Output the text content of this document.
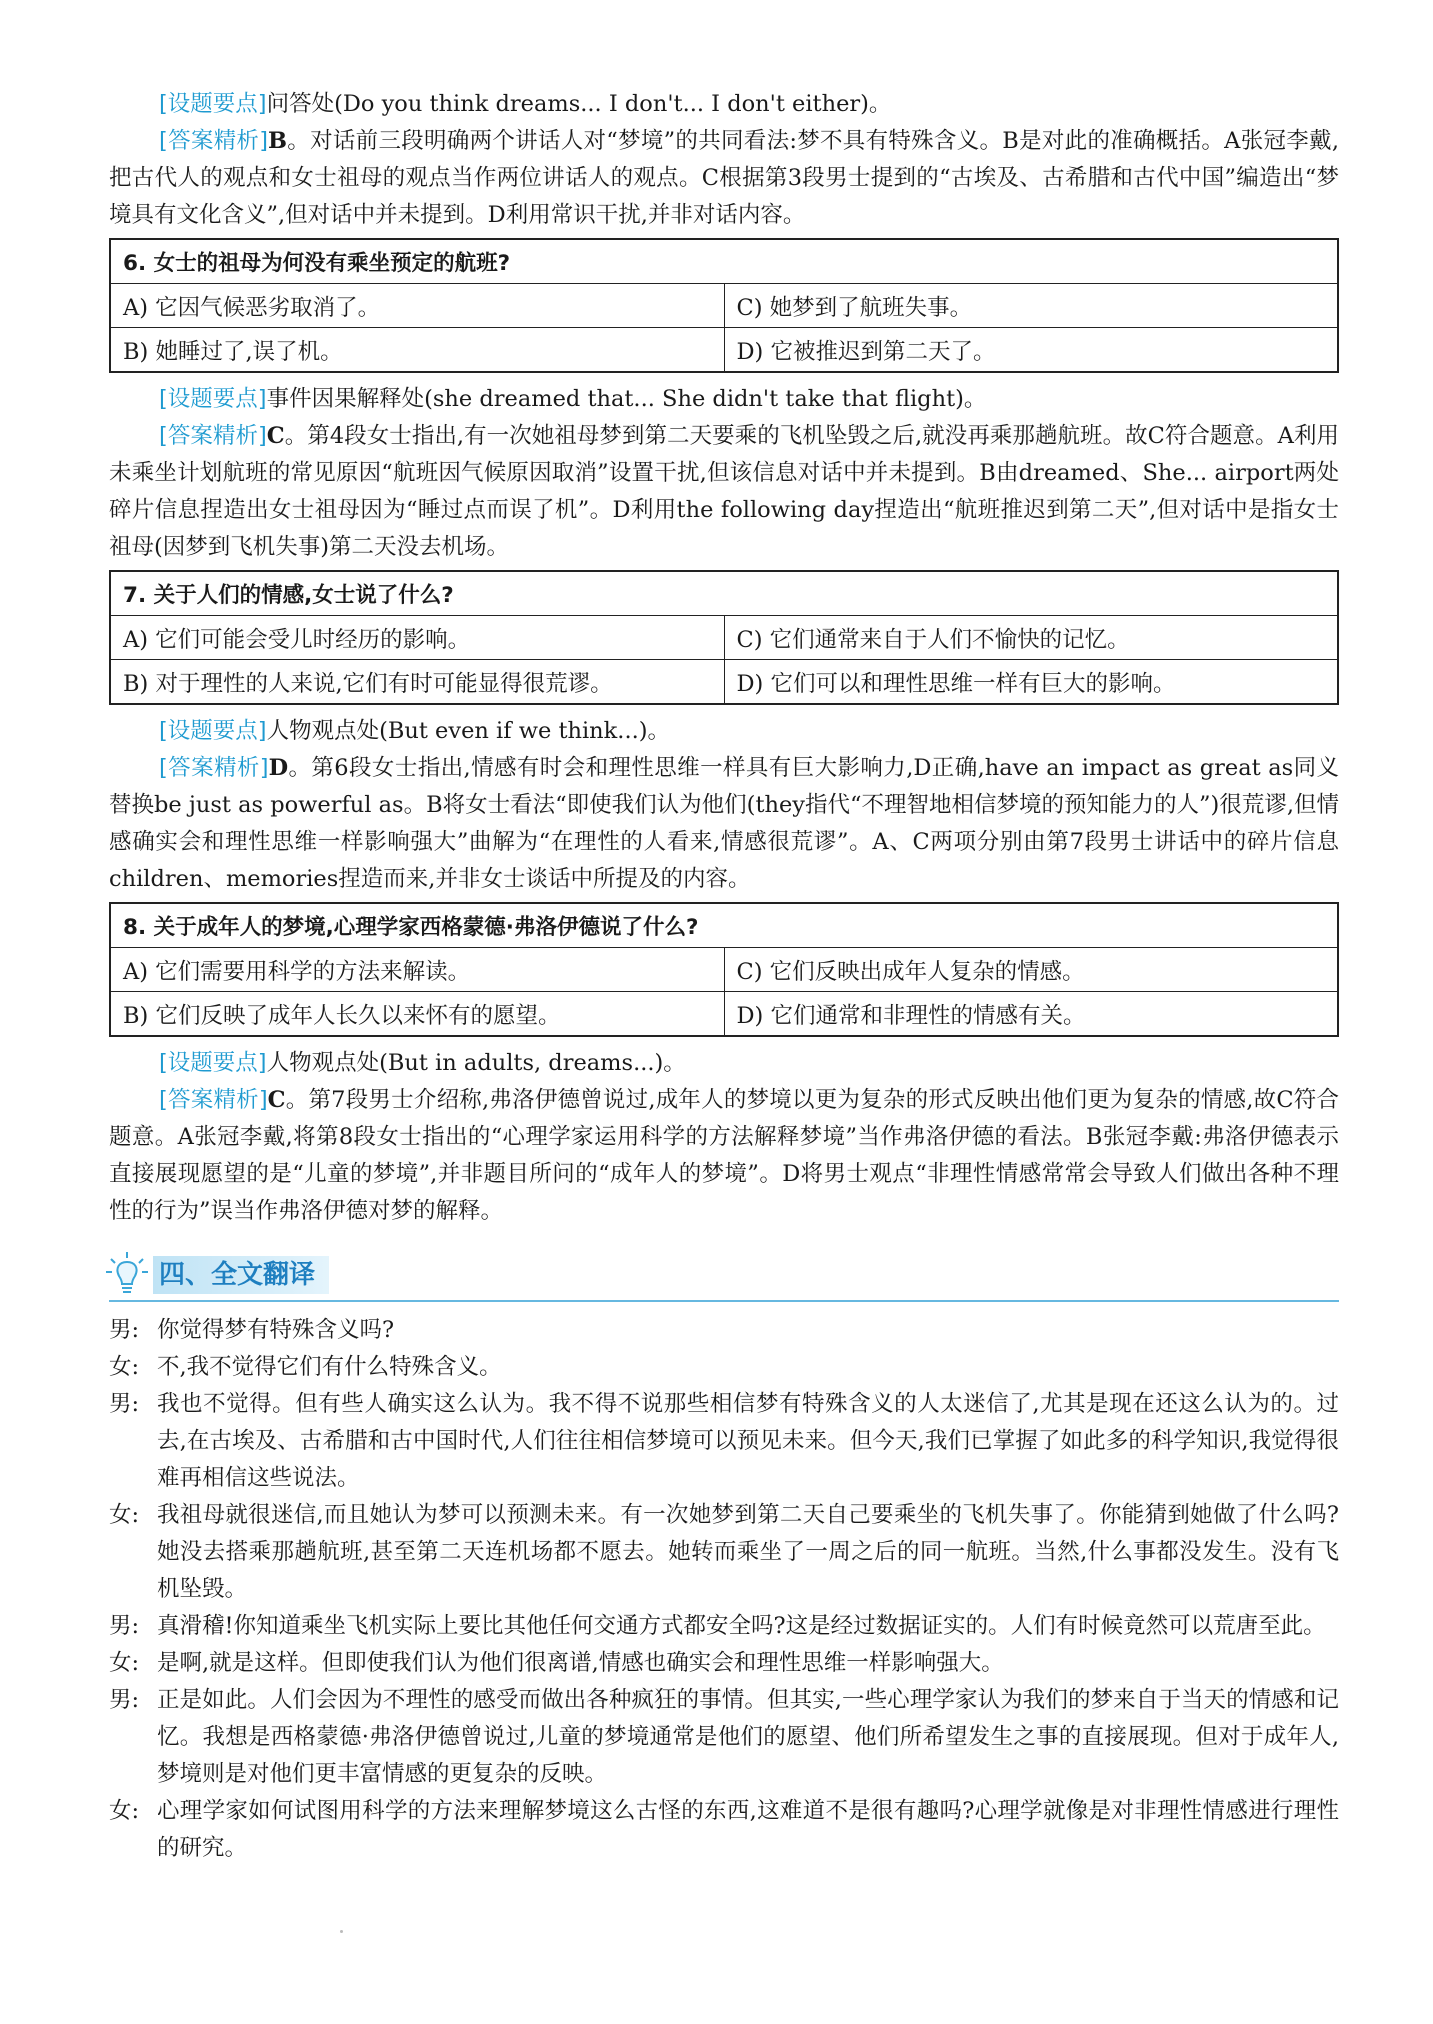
[设题要点]问答处(Do you think dreams... I don't... I don't either)。

[答案精析]B。对话前三段明确两个讲话人对“梦境”的共同看法:梦不具有特殊含义。B是对此的准确概括。A张冠李戴,把古代人的观点和女士祖母的观点当作两位讲话人的观点。C根据第3段男士提到的“古埃及、古希腊和古代中国”编造出“梦境具有文化含义”,但对话中并未提到。D利用常识干扰,并非对话内容。

6. 女士的祖母为何没有乘坐预定的航班?	
A) 它因气候恶劣取消了。	C) 她梦到了航班失事。
B) 她睡过了,误了机。	D) 它被推迟到第二天了。

[设题要点]事件因果解释处(she dreamed that... She didn't take that flight)。

[答案精析]C。第4段女士指出,有一次她祖母梦到第二天要乘的飞机坠毁之后,就没再乘那趟航班。故C符合题意。A利用未乘坐计划航班的常见原因“航班因气候原因取消”设置干扰,但该信息对话中并未提到。B由dreamed、She... airport两处碎片信息捏造出女士祖母因为“睡过点而误了机”。D利用the following day捏造出“航班推迟到第二天”,但对话中是指女士祖母(因梦到飞机失事)第二天没去机场。

7. 关于人们的情感,女士说了什么?	
A) 它们可能会受儿时经历的影响。	C) 它们通常来自于人们不愉快的记忆。
B) 对于理性的人来说,它们有时可能显得很荒谬。	D) 它们可以和理性思维一样有巨大的影响。

[设题要点]人物观点处(But even if we think...)。

[答案精析]D。第6段女士指出,情感有时会和理性思维一样具有巨大影响力,D正确,have an impact as great as同义替换be just as powerful as。B将女士看法“即使我们认为他们(they指代“不理智地相信梦境的预知能力的人”)很荒谬,但情感确实会和理性思维一样影响强大”曲解为“在理性的人看来,情感很荒谬”。A、C两项分别由第7段男士讲话中的碎片信息children、memories捏造而来,并非女士谈话中所提及的内容。

8. 关于成年人的梦境,心理学家西格蒙德·弗洛伊德说了什么?	
A) 它们需要用科学的方法来解读。	C) 它们反映出成年人复杂的情感。
B) 它们反映了成年人长久以来怀有的愿望。	D) 它们通常和非理性的情感有关。

[设题要点]人物观点处(But in adults, dreams...)。

[答案精析]C。第7段男士介绍称,弗洛伊德曾说过,成年人的梦境以更为复杂的形式反映出他们更为复杂的情感,故C符合题意。A张冠李戴,将第8段女士指出的“心理学家运用科学的方法解释梦境”当作弗洛伊德的看法。B张冠李戴:弗洛伊德表示直接展现愿望的是“儿童的梦境”,并非题目所问的“成年人的梦境”。D将男士观点“非理性情感常常会导致人们做出各种不理性的行为”误当作弗洛伊德对梦的解释。

四、全文翻译
男: 你觉得梦有特殊含义吗?
女: 不,我不觉得它们有什么特殊含义。
男: 我也不觉得。但有些人确实这么认为。我不得不说那些相信梦有特殊含义的人太迷信了,尤其是现在还这么认为的。过去,在古埃及、古希腊和古中国时代,人们往往相信梦境可以预见未来。但今天,我们已掌握了如此多的科学知识,我觉得很难再相信这些说法。
女: 我祖母就很迷信,而且她认为梦可以预测未来。有一次她梦到第二天自己要乘坐的飞机失事了。你能猜到她做了什么吗?她没去搭乘那趟航班,甚至第二天连机场都不愿去。她转而乘坐了一周之后的同一航班。当然,什么事都没发生。没有飞机坠毁。
男: 真滑稽!你知道乘坐飞机实际上要比其他任何交通方式都安全吗?这是经过数据证实的。人们有时候竟然可以荒唐至此。
女: 是啊,就是这样。但即使我们认为他们很离谱,情感也确实会和理性思维一样影响强大。
男: 正是如此。人们会因为不理性的感受而做出各种疯狂的事情。但其实,一些心理学家认为我们的梦来自于当天的情感和记忆。我想是西格蒙德·弗洛伊德曾说过,儿童的梦境通常是他们的愿望、他们所希望发生之事的直接展现。但对于成年人,梦境则是对他们更丰富情感的更复杂的反映。
女: 心理学家如何试图用科学的方法来理解梦境这么古怪的东西,这难道不是很有趣吗?心理学就像是对非理性情感进行理性的研究。
